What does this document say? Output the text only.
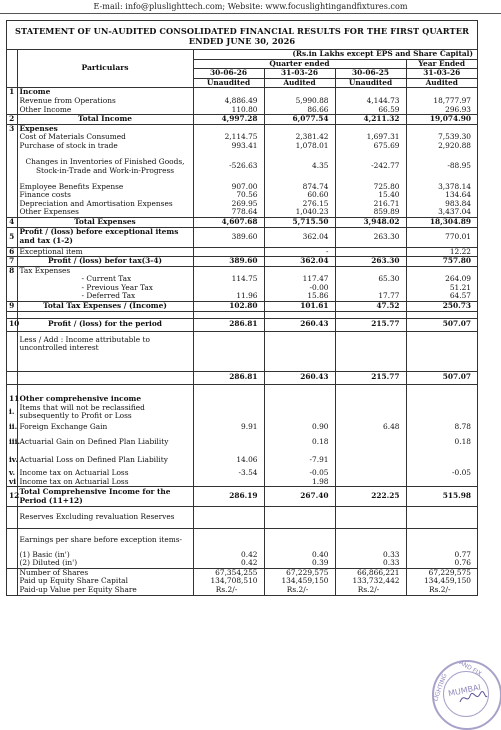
E-mail: info@pluslighttech.com; Website: www.focuslightingandfixtures.com
STATEMENT OF UN-AUDITED CONSOLIDATED FINANCIAL RESULTS FOR THE FIRST QUARTER ENDED JUNE 30, 2026
	Particulars	(Rs.in Lakhs except EPS and Share Capital)			
		Quarter ended			Year Ended
		30-06-26	31-03-26	30-06-25	31-03-26
		Unaudited	Audited	Unaudited	Audited
1	Income				
	Revenue from Operations	4,886.49	5,990.88	4,144.73	18,777.97
	Other Income	110.80	86.66	66.59	296.93
2	Total Income	4,997.28	6,077.54	4,211.32	19,074.90
3	Expenses				
	Cost of Materials Consumed	2,114.75	2,381.42	1,697.31	7,539.30
	Purchase of stock in trade	993.41	1,078.01	675.69	2,920.88
	Changes in Inventories of Finished Goods, Stock-in-Trade and Work-in-Progress	-526.63	4.35	-242.77	-88.95
	Employee Benefits Expense	907.00	874.74	725.80	3,378.14
	Finance costs	70.56	60.60	15.40	134.64
	Depreciation and Amortisation Expenses	269.95	276.15	216.71	983.84
	Other Expenses	778.64	1,040.23	859.89	3,437.04
4	Total Expenses	4,607.68	5,715.50	3,948.02	18,304.89
5	Profit / (loss) before exceptional items and tax (1-2)	389.60	362.04	263.30	770.01
6	Exceptional item		-		12.22
7	Profit / (loss) befor tax(3-4)	389.60	362.04	263.30	757.80
8	Tax Expenses				
	- Current Tax	114.75	117.47	65.30	264.09
	- Previous Year Tax		-0.00		51.21
	- Deferred Tax	11.96	15.86	17.77	64.57
9	Total Tax Expenses / (Income)	102.80	101.61	47.52	250.73

10	Profit / (loss) for the period	286.81	260.43	215.77	507.07
	Less / Add : Income attributable to uncontrolled interest				
		286.81	260.43	215.77	507.07

11	Other comprehensive income				
i.	Items that will not be reclassified subsequently to Profit or Loss				
ii.	Foreign Exchange Gain	9.91	0.90	6.48	8.78
iii.	Actuarial Gain on Defined Plan Liability		0.18		0.18
iv.	Actuarial Loss on Defined Plan Liability	14.06	-7.91		
v.	Income tax on Actuarial Loss	-3.54	-0.05		-0.05
vi	Income tax on Actuarial Loss		1.98		
12	Total Comprehensive Income for the Period (11+12)	286.19	267.40	222.25	515.98
	Reserves Excluding revaluation Reserves				
	Earnings per share before exception items-				
	(1) Basic (in')	0.42	0.40	0.33	0.77
	(2) Diluted (in')	0.42	0.39	0.33	0.76
	Number of Shares	67,354,255	67,229,575	66,866,221	67,229,575
	Paid up Equity Share Capital	134,708,510	134,459,150	133,732,442	134,459,150
	Paid-up Value per Equity Share	Rs.2/-	Rs.2/-	Rs.2/-	Rs.2/-
AND FIX
LIGHTING
MUMBAI
